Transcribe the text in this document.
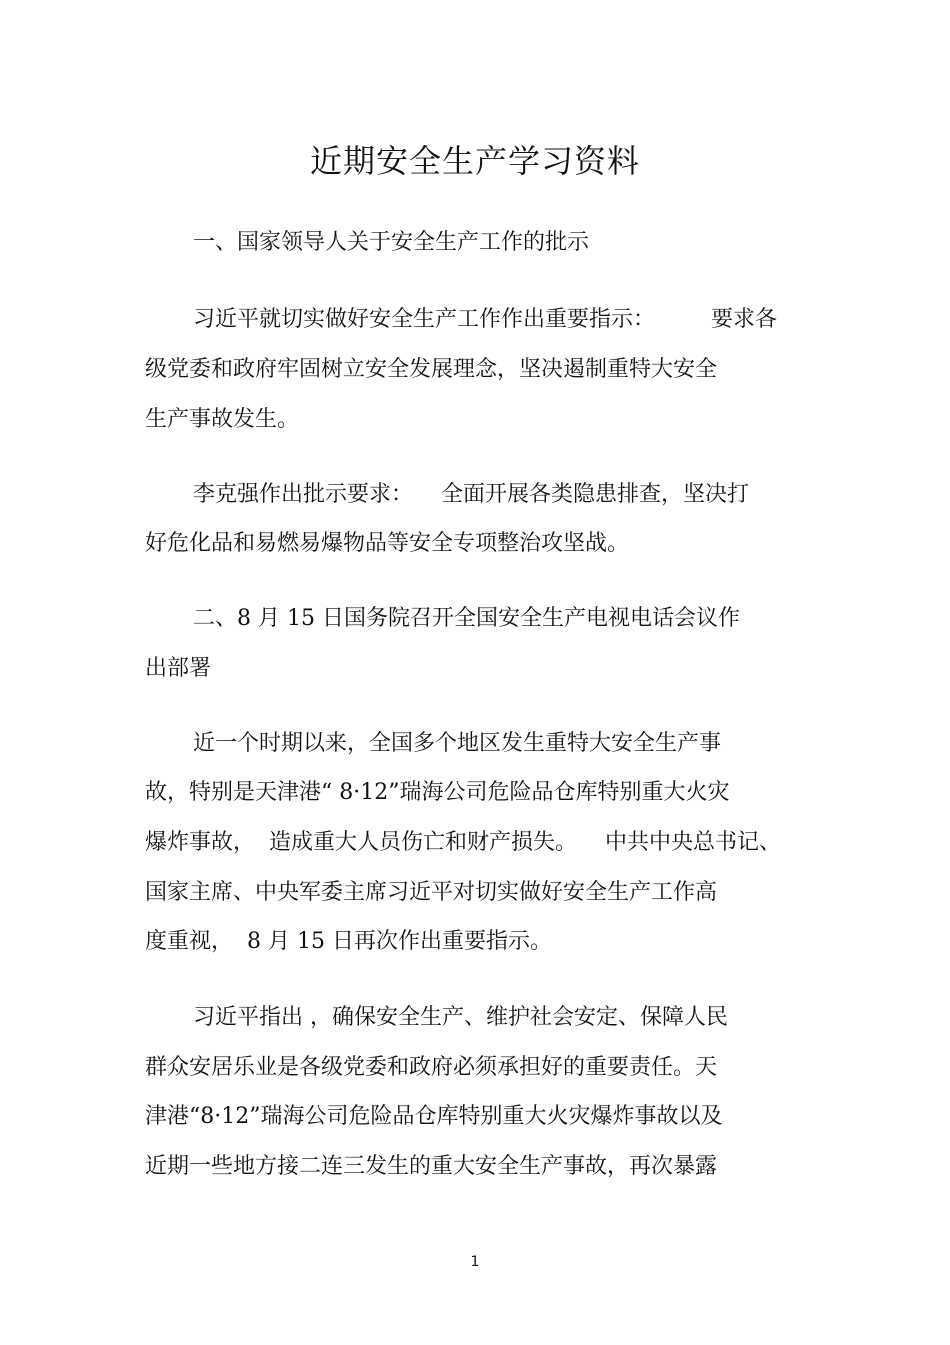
近期安全生产学习资料
一、国家领导人关于安全生产工作的批示
习近平就切实做好安全生产工作作出重要指示：        要求各
级党委和政府牢固树立安全发展理念，坚决遏制重特大安全
生产事故发生。
李克强作出批示要求：    全面开展各类隐患排查，坚决打
好危化品和易燃易爆物品等安全专项整治攻坚战。
二、8 月 15 日国务院召开全国安全生产电视电话会议作
出部署
近一个时期以来，全国多个地区发生重特大安全生产事
故，特别是天津港“ 8·12”瑞海公司危险品仓库特别重大火灾
爆炸事故，  造成重大人员伤亡和财产损失。    中共中央总书记、
国家主席、中央军委主席习近平对切实做好安全生产工作高
度重视，  8 月 15 日再次作出重要指示。
习近平指出 ，确保安全生产、维护社会安定、保障人民
群众安居乐业是各级党委和政府必须承担好的重要责任。天
津港“8·12”瑞海公司危险品仓库特别重大火灾爆炸事故以及
近期一些地方接二连三发生的重大安全生产事故，再次暴露
1
